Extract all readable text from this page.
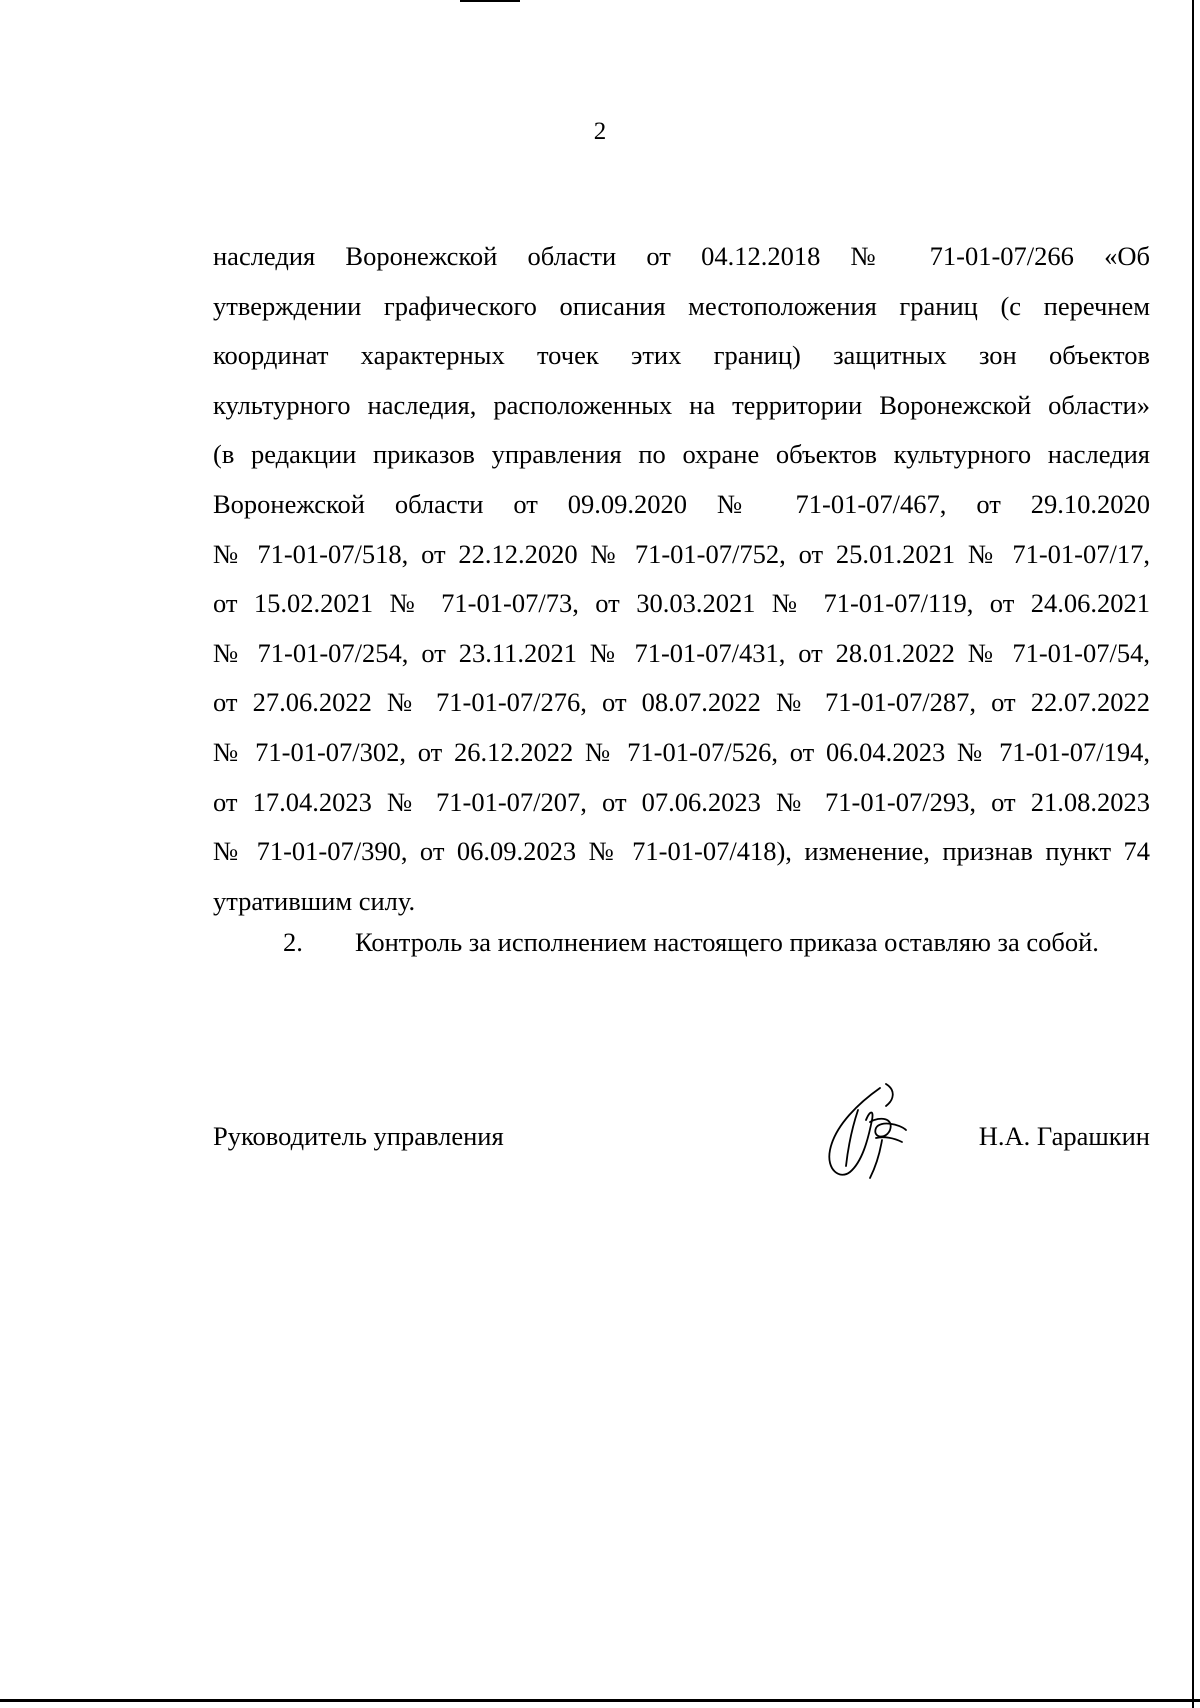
2
наследия Воронежской области от 04.12.2018 № 71-01-07/266 «Об
утверждении графического описания местоположения границ (с перечнем
координат характерных точек этих границ) защитных зон объектов
культурного наследия, расположенных на территории Воронежской области»
(в редакции приказов управления по охране объектов культурного наследия
Воронежской области от 09.09.2020 № 71-01-07/467, от 29.10.2020
№ 71-01-07/518, от 22.12.2020 № 71-01-07/752, от 25.01.2021 № 71-01-07/17,
от 15.02.2021 № 71-01-07/73, от 30.03.2021 № 71-01-07/119, от 24.06.2021
№ 71-01-07/254, от 23.11.2021 № 71-01-07/431, от 28.01.2022 № 71-01-07/54,
от 27.06.2022 № 71-01-07/276, от 08.07.2022 № 71-01-07/287, от 22.07.2022
№ 71-01-07/302, от 26.12.2022 № 71-01-07/526, от 06.04.2023 № 71-01-07/194,
от 17.04.2023 № 71-01-07/207, от 07.06.2023 № 71-01-07/293, от 21.08.2023
№ 71-01-07/390, от 06.09.2023 № 71-01-07/418), изменение, признав пункт 74
утратившим силу.
2. Контроль за исполнением настоящего приказа оставляю за собой.
Руководитель управления	Н.А. Гарашкин
